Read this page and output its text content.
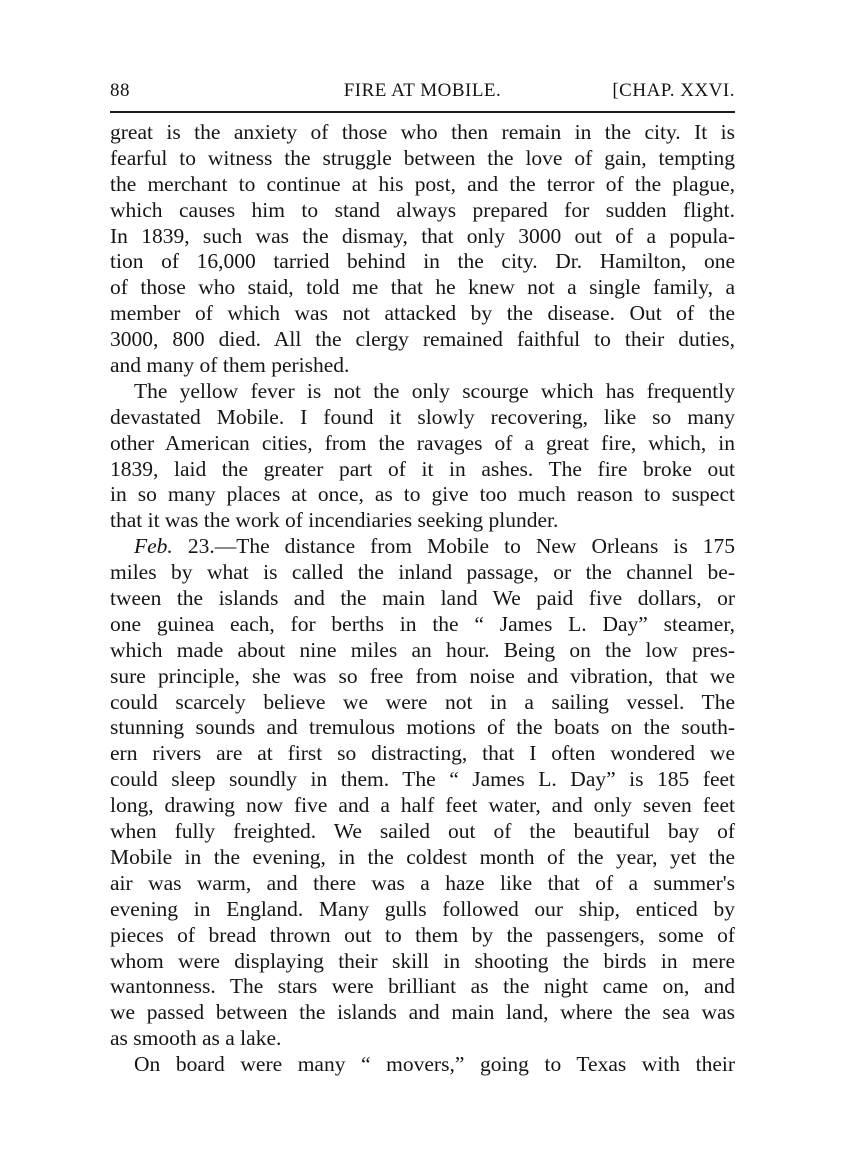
88	FIRE AT MOBILE.	[CHAP. XXVI.
great is the anxiety of those who then remain in the city. It is
fearful to witness the struggle between the love of gain, tempting
the merchant to continue at his post, and the terror of the plague,
which causes him to stand always prepared for sudden flight.
In 1839, such was the dismay, that only 3000 out of a popula-
tion of 16,000 tarried behind in the city. Dr. Hamilton, one
of those who staid, told me that he knew not a single family, a
member of which was not attacked by the disease. Out of the
3000, 800 died. All the clergy remained faithful to their duties,
and many of them perished.
The yellow fever is not the only scourge which has frequently
devastated Mobile. I found it slowly recovering, like so many
other American cities, from the ravages of a great fire, which, in
1839, laid the greater part of it in ashes. The fire broke out
in so many places at once, as to give too much reason to suspect
that it was the work of incendiaries seeking plunder.
Feb. 23.—The distance from Mobile to New Orleans is 175
miles by what is called the inland passage, or the channel be-
tween the islands and the main land We paid five dollars, or
one guinea each, for berths in the “ James L. Day” steamer,
which made about nine miles an hour. Being on the low pres-
sure principle, she was so free from noise and vibration, that we
could scarcely believe we were not in a sailing vessel. The
stunning sounds and tremulous motions of the boats on the south-
ern rivers are at first so distracting, that I often wondered we
could sleep soundly in them. The “ James L. Day” is 185 feet
long, drawing now five and a half feet water, and only seven feet
when fully freighted. We sailed out of the beautiful bay of
Mobile in the evening, in the coldest month of the year, yet the
air was warm, and there was a haze like that of a summer's
evening in England. Many gulls followed our ship, enticed by
pieces of bread thrown out to them by the passengers, some of
whom were displaying their skill in shooting the birds in mere
wantonness. The stars were brilliant as the night came on, and
we passed between the islands and main land, where the sea was
as smooth as a lake.
On board were many “ movers,” going to Texas with their
